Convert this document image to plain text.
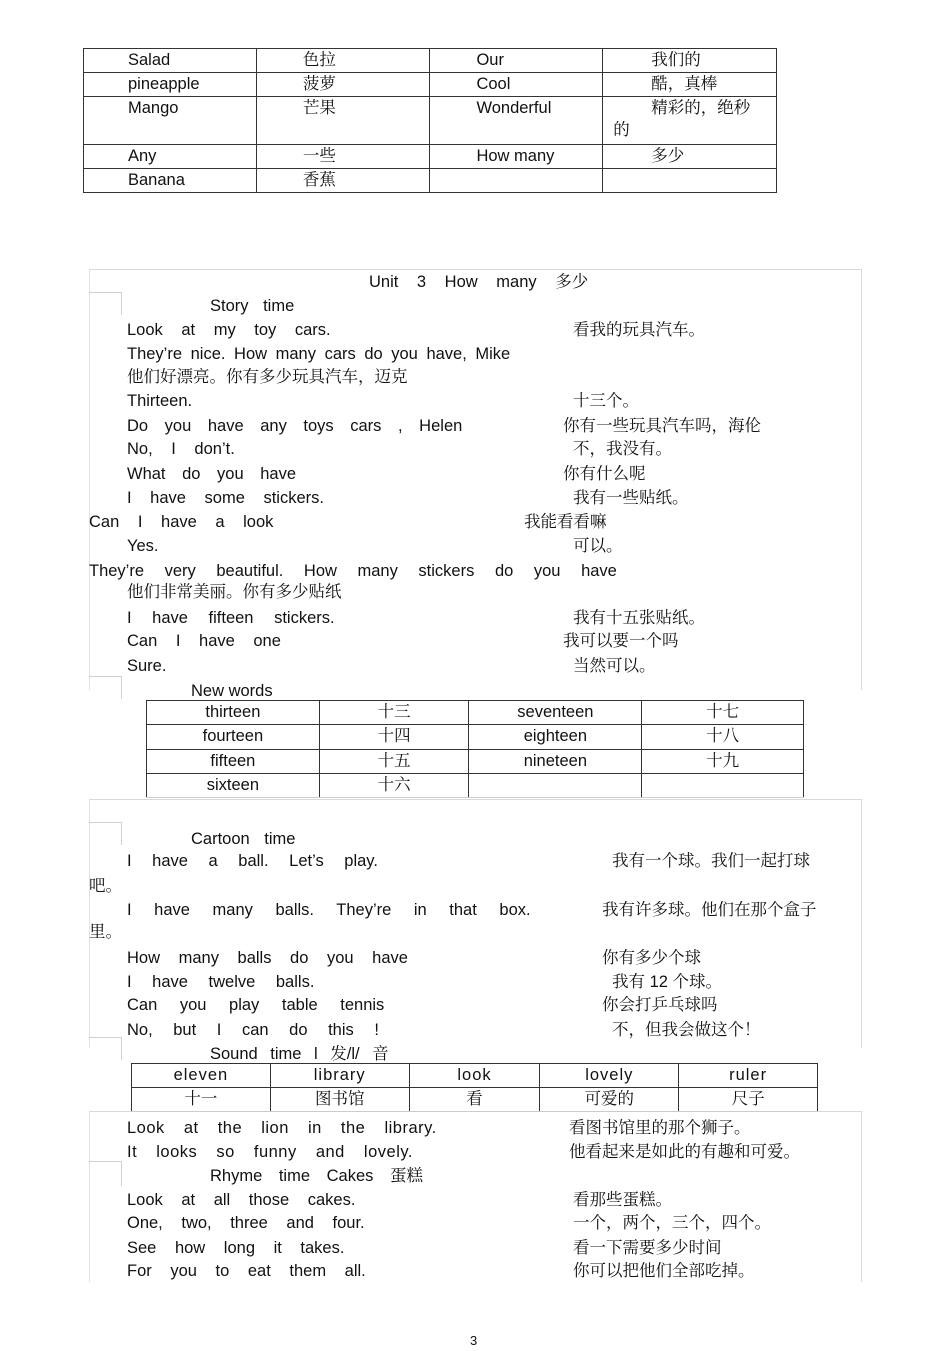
Salad	色拉	Our	我们的
pineapple	菠萝	Cool	酷，真棒
Mango	芒果	Wonderful	精彩的，绝秒的
Any	一些	How many	多少
Banana	香蕉		
Unit 3 How many 多少
Story time
Look at my toy cars.	看我的玩具汽车。
They’re nice. How many cars do you have, Mike
他们好漂亮。你有多少玩具汽车，迈克
Thirteen.	十三个。
Do you have any toys cars , Helen	你有一些玩具汽车吗，海伦
No, I don’t.	不，我没有。
What do you have	你有什么呢
I have some stickers.	我有一些贴纸。
Can I have a look	我能看看嘛
Yes.	可以。
They’re very beautiful. How many stickers do you have
他们非常美丽。你有多少贴纸
I have fifteen stickers.	我有十五张贴纸。
Can I have one	我可以要一个吗
Sure.	当然可以。
New words
thirteen	十三	seventeen	十七
fourteen	十四	eighteen	十八
fifteen	十五	nineteen	十九
sixteen	十六		
Cartoon time
I have a ball. Let’s play.	我有一个球。我们一起打球
吧。
I have many balls. They’re in that box.	我有许多球。他们在那个盒子
里。
How many balls do you have	你有多少个球
I have twelve balls.	我有 12 个球。
Can you play table tennis	你会打乒乓球吗
No, but I can do this !	不，但我会做这个！
Sound time l 发/l/ 音
eleven	library	look	lovely	ruler
十一	图书馆	看	可爱的	尺子
Look at the lion in the library.	看图书馆里的那个狮子。
It looks so funny and lovely.	他看起来是如此的有趣和可爱。
Rhyme time Cakes 蛋糕
Look at all those cakes.	看那些蛋糕。
One, two, three and four.	一个，两个，三个，四个。
See how long it takes.	看一下需要多少时间
For you to eat them all.	你可以把他们全部吃掉。
3
